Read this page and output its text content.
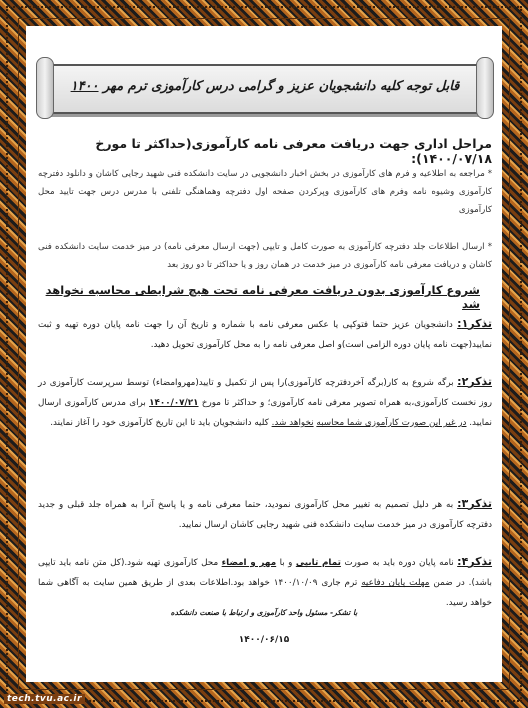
قابل توجه کلیه دانشجویان عزیز و گرامی درس کارآموزی ترم مهر ۱۴۰۰
مراحل اداری جهت دریافت معرفی نامه کارآموزی(حداکثر تا مورخ ۱۴۰۰/۰۷/۱۸):
* مراجعه به اطلاعیه و فرم های کارآموزی در بخش اخبار دانشجویی در سایت دانشکده فنی شهید رجایی کاشان و دانلود دفترچه کارآموزی وشیوه نامه وفرم های کارآموزی وپرکردن صفحه اول دفترچه وهماهنگی تلفنی با مدرس درس جهت تایید محل کارآموزی
* ارسال اطلاعات جلد دفترچه کارآموزی به صورت کامل و تایپی (جهت ارسال معرفی نامه) در میز خدمت سایت دانشکده فنی کاشان و دریافت معرفی نامه کارآموزی در میز خدمت در همان روز و یا حداکثر تا دو روز بعد
شروع کارآموزی بدون دریافت معرفی نامه تحت هیچ شرایطی محاسبه نخواهد شد
تذکر۱: دانشجویان عزیز حتما فتوکپی یا عکس معرفی نامه با شماره و تاریخ آن را جهت نامه پایان دوره تهیه و ثبت نمایید(جهت نامه پایان دوره الزامی است)و اصل معرفی نامه را به محل کارآموزی تحویل دهید.
تذکر۲: برگه شروع به کار(برگه آخردفترچه کارآموزی)را پس از تکمیل و تایید(مهروامضاء) توسط سرپرست کارآموزی در روز نخست کارآموزی،به همراه تصویر معرفی نامه کارآموزی؛ و حداکثر تا مورخ ۱۴۰۰/۰۷/۲۱ برای مدرس کارآموزی ارسال نمایید. در غیر این صورت کارآموزی شما محاسبه نخواهد شد. کلیه دانشجویان باید تا این تاریخ کارآموزی خود را آغاز نمایند.
تذکر۳: به هر دلیل تصمیم به تغییر محل کارآموزی نمودید، حتما معرفی نامه و یا پاسخ آنرا به همراه جلد قبلی و جدید دفترچه کارآموزی در میز خدمت سایت دانشکده فنی شهید رجایی کاشان ارسال نمایید.
تذکر۴: نامه پایان دوره باید به صورت تمام تایپی و با مهر و امضاء محل کارآموزی تهیه شود.(کل متن نامه باید تایپی باشد). در ضمن مهلت پایان دفاعیه ترم جاری ۱۴۰۰/۱۰/۰۹ خواهد بود.اطلاعات بعدی از طریق همین سایت به آگاهی شما خواهد رسید.
با تشکر- مسئول واحد کارآموزی و ارتباط با صنعت دانشکده
۱۴۰۰/۰۶/۱۵
tech.tvu.ac.ir
